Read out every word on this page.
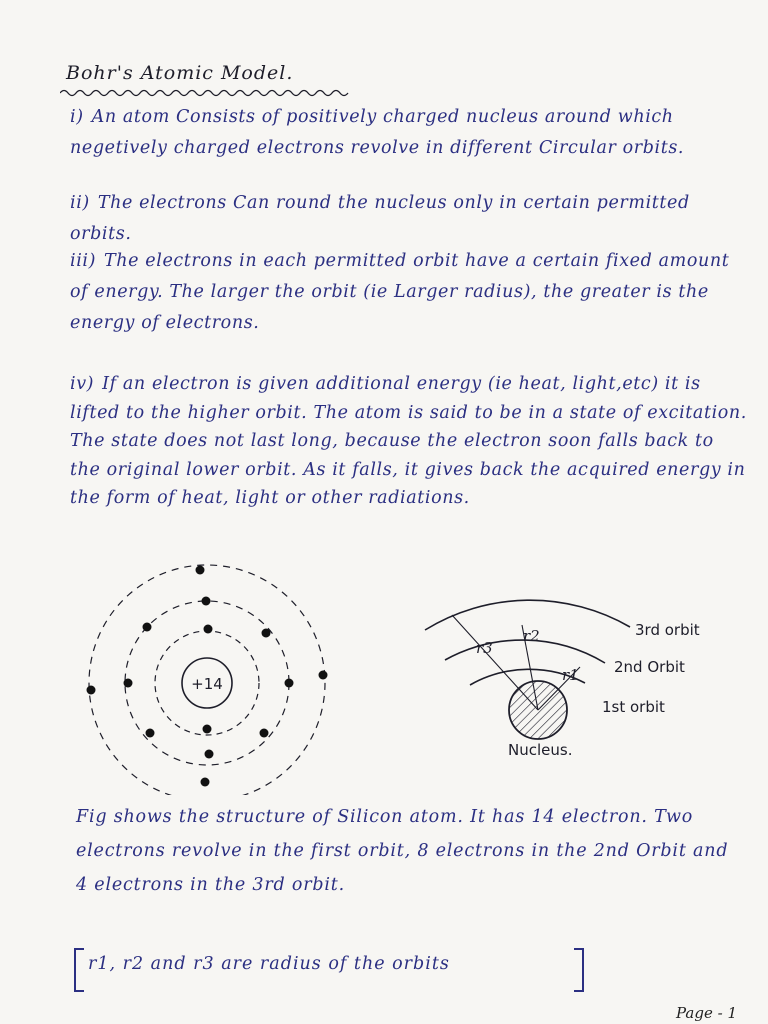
Bohr's Atomic Model.
i) An atom Consists of positively charged nucleus around which negetively charged electrons revolve in different Circular orbits.
ii) The electrons Can round the nucleus only in certain permitted orbits.
iii) The electrons in each permitted orbit have a certain fixed amount of energy. The larger the orbit (ie Larger radius), the greater is the energy of electrons.
iv) If an electron is given additional energy (ie heat, light,etc) it is lifted to the higher orbit. The atom is said to be in a state of excitation. The state does not last long, because the electron soon falls back to the original lower orbit. As it falls, it gives back the acquired energy in the form of heat, light or other radiations.
+14
r3
r2
r1
3rd orbit
2nd Orbit
1st orbit
Nucleus.
Fig shows the structure of Silicon atom. It has 14 electron. Two electrons revolve in the first orbit, 8 electrons in the 2nd Orbit and 4 electrons in the 3rd orbit.
r1, r2 and r3 are radius of the orbits
Page - 1
